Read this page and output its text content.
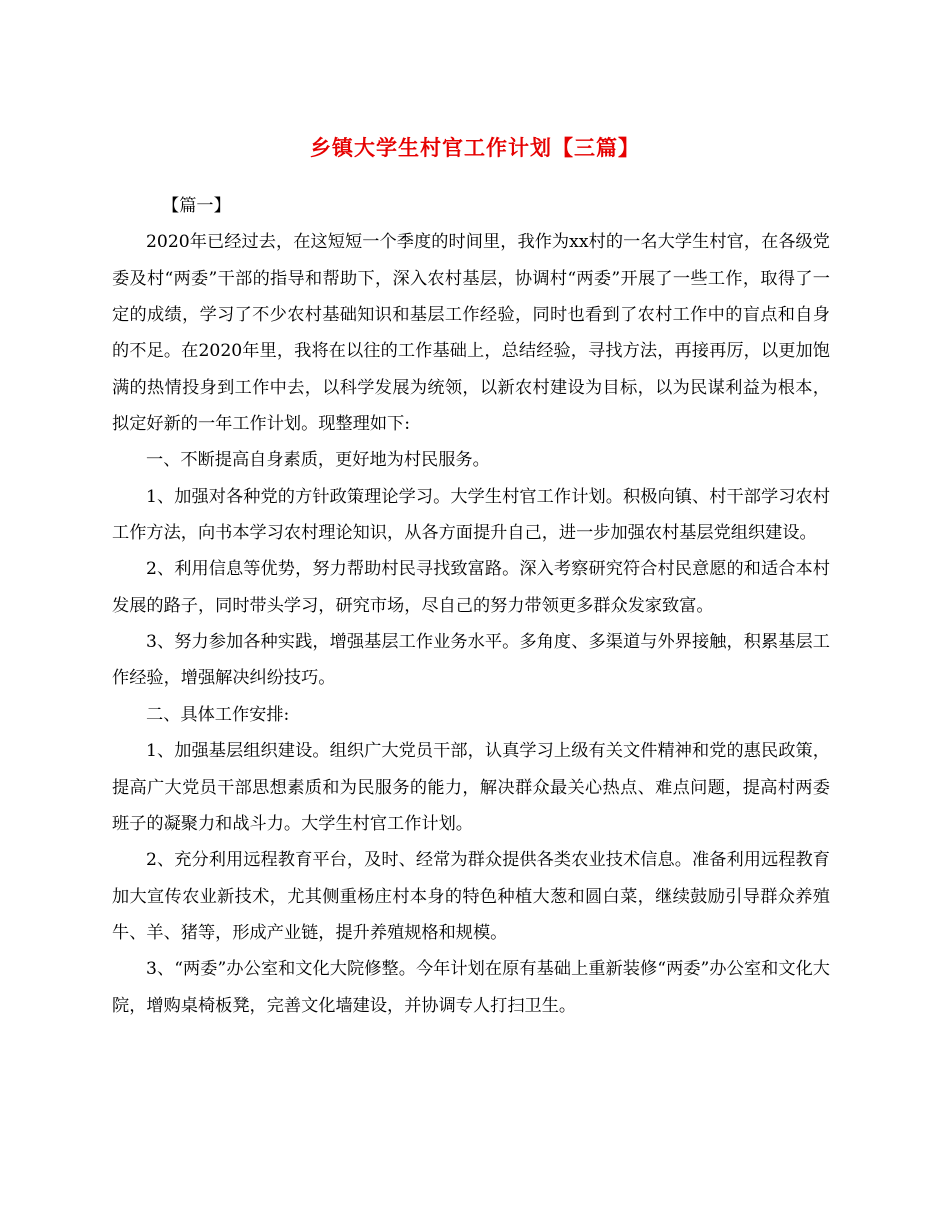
乡镇大学生村官工作计划【三篇】

【篇一】

2020年已经过去，在这短短一个季度的时间里，我作为xx村的一名大学生村官，在各级党委及村“两委”干部的指导和帮助下，深入农村基层，协调村“两委”开展了一些工作，取得了一定的成绩，学习了不少农村基础知识和基层工作经验，同时也看到了农村工作中的盲点和自身的不足。在2020年里，我将在以往的工作基础上，总结经验，寻找方法，再接再厉，以更加饱满的热情投身到工作中去，以科学发展为统领，以新农村建设为目标，以为民谋利益为根本，拟定好新的一年工作计划。现整理如下:

一、不断提高自身素质，更好地为村民服务。

1、加强对各种党的方针政策理论学习。大学生村官工作计划。积极向镇、村干部学习农村工作方法，向书本学习农村理论知识，从各方面提升自己，进一步加强农村基层党组织建设。

2、利用信息等优势，努力帮助村民寻找致富路。深入考察研究符合村民意愿的和适合本村发展的路子，同时带头学习，研究市场，尽自己的努力带领更多群众发家致富。

3、努力参加各种实践，增强基层工作业务水平。多角度、多渠道与外界接触，积累基层工作经验，增强解决纠纷技巧。

二、具体工作安排:

1、加强基层组织建设。组织广大党员干部，认真学习上级有关文件精神和党的惠民政策，提高广大党员干部思想素质和为民服务的能力，解决群众最关心热点、难点问题，提高村两委班子的凝聚力和战斗力。大学生村官工作计划。

2、充分利用远程教育平台，及时、经常为群众提供各类农业技术信息。准备利用远程教育加大宣传农业新技术，尤其侧重杨庄村本身的特色种植大葱和圆白菜，继续鼓励引导群众养殖牛、羊、猪等，形成产业链，提升养殖规格和规模。

3、“两委”办公室和文化大院修整。今年计划在原有基础上重新装修“两委”办公室和文化大院，增购桌椅板凳，完善文化墙建设，并协调专人打扫卫生。
